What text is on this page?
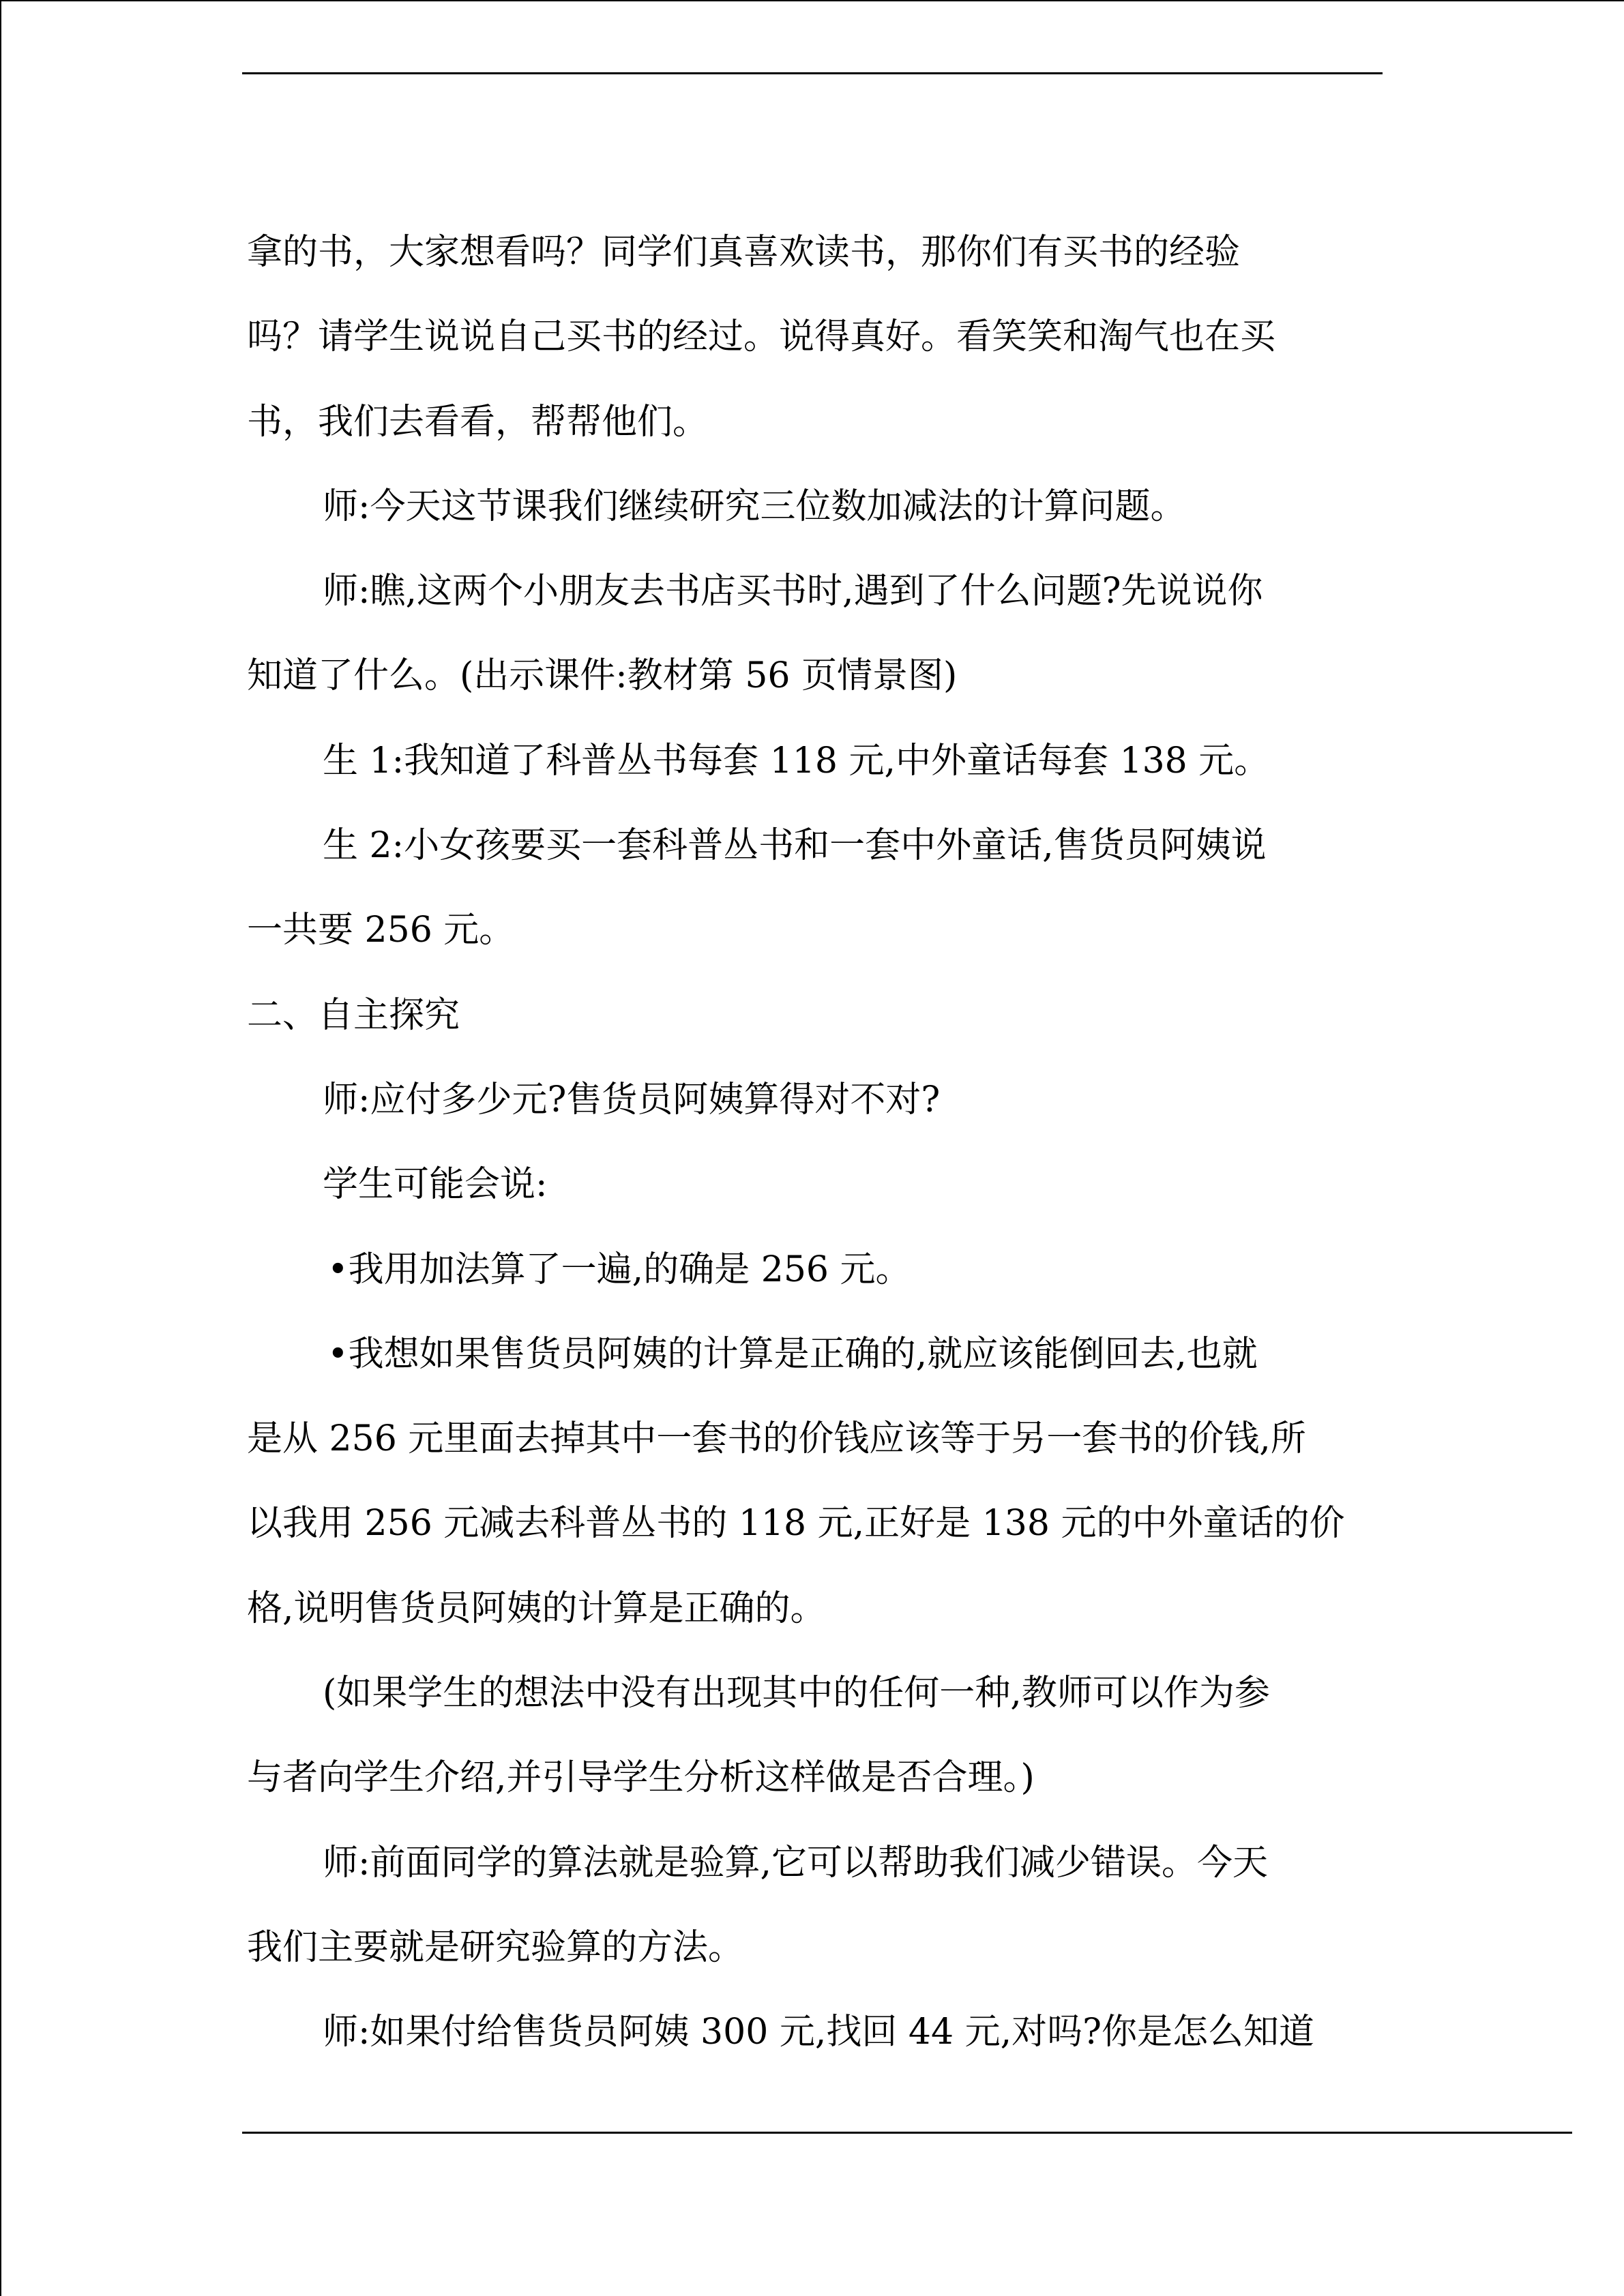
拿的书，大家想看吗？同学们真喜欢读书，那你们有买书的经验
吗？请学生说说自己买书的经过。说得真好。看笑笑和淘气也在买
书，我们去看看，帮帮他们。
师:今天这节课我们继续研究三位数加减法的计算问题。
师:瞧,这两个小朋友去书店买书时,遇到了什么问题?先说说你
知道了什么。(出示课件:教材第 56 页情景图)
生 1:我知道了科普丛书每套 118 元,中外童话每套 138 元。
生 2:小女孩要买一套科普丛书和一套中外童话,售货员阿姨说
一共要 256 元。
二、自主探究
师:应付多少元?售货员阿姨算得对不对?
学生可能会说:
•我用加法算了一遍,的确是 256 元。
•我想如果售货员阿姨的计算是正确的,就应该能倒回去,也就
是从 256 元里面去掉其中一套书的价钱应该等于另一套书的价钱,所
以我用 256 元减去科普丛书的 118 元,正好是 138 元的中外童话的价
格,说明售货员阿姨的计算是正确的。
(如果学生的想法中没有出现其中的任何一种,教师可以作为参
与者向学生介绍,并引导学生分析这样做是否合理。)
师:前面同学的算法就是验算,它可以帮助我们减少错误。今天
我们主要就是研究验算的方法。
师:如果付给售货员阿姨 300 元,找回 44 元,对吗?你是怎么知道
